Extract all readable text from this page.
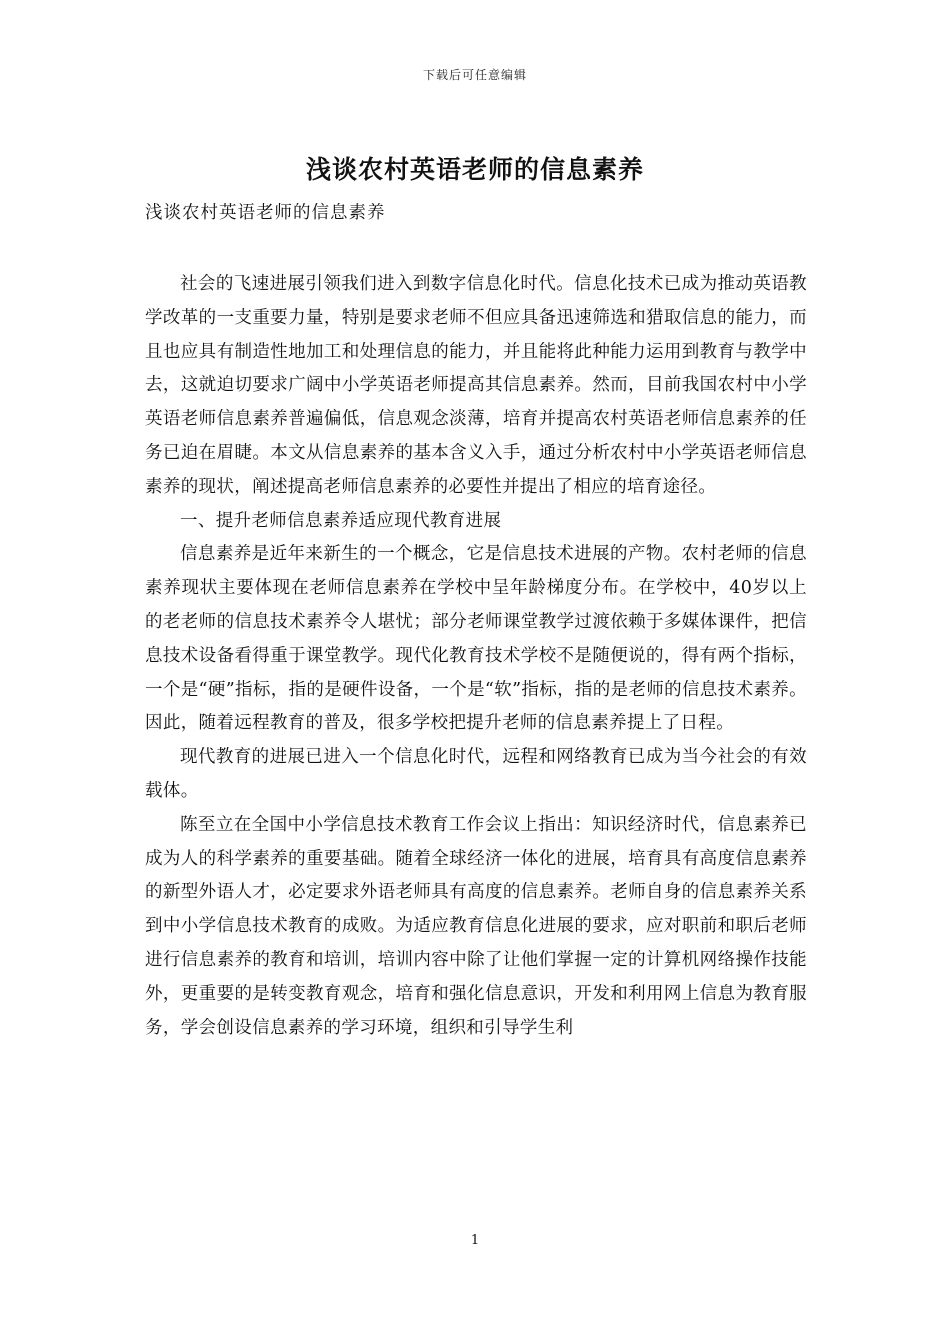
下载后可任意编辑
浅谈农村英语老师的信息素养
浅谈农村英语老师的信息素养

社会的飞速进展引领我们进入到数字信息化时代。信息化技术已成为推动英语教学改革的一支重要力量，特别是要求老师不但应具备迅速筛选和猎取信息的能力，而且也应具有制造性地加工和处理信息的能力，并且能将此种能力运用到教育与教学中去，这就迫切要求广阔中小学英语老师提高其信息素养。然而，目前我国农村中小学英语老师信息素养普遍偏低，信息观念淡薄，培育并提高农村英语老师信息素养的任务已迫在眉睫。本文从信息素养的基本含义入手，通过分析农村中小学英语老师信息素养的现状，阐述提高老师信息素养的必要性并提出了相应的培育途径。

一、提升老师信息素养适应现代教育进展

信息素养是近年来新生的一个概念，它是信息技术进展的产物。农村老师的信息素养现状主要体现在老师信息素养在学校中呈年龄梯度分布。在学校中，40岁以上的老老师的信息技术素养令人堪忧；部分老师课堂教学过渡依赖于多媒体课件，把信息技术设备看得重于课堂教学。现代化教育技术学校不是随便说的，得有两个指标，一个是“硬”指标，指的是硬件设备，一个是“软”指标，指的是老师的信息技术素养。因此，随着远程教育的普及，很多学校把提升老师的信息素养提上了日程。

现代教育的进展已进入一个信息化时代，远程和网络教育已成为当今社会的有效载体。

陈至立在全国中小学信息技术教育工作会议上指出：知识经济时代，信息素养已成为人的科学素养的重要基础。随着全球经济一体化的进展，培育具有高度信息素养的新型外语人才，必定要求外语老师具有高度的信息素养。老师自身的信息素养关系到中小学信息技术教育的成败。为适应教育信息化进展的要求，应对职前和职后老师进行信息素养的教育和培训，培训内容中除了让他们掌握一定的计算机网络操作技能外，更重要的是转变教育观念，培育和强化信息意识，开发和利用网上信息为教育服务，学会创设信息素养的学习环境，组织和引导学生利

1
